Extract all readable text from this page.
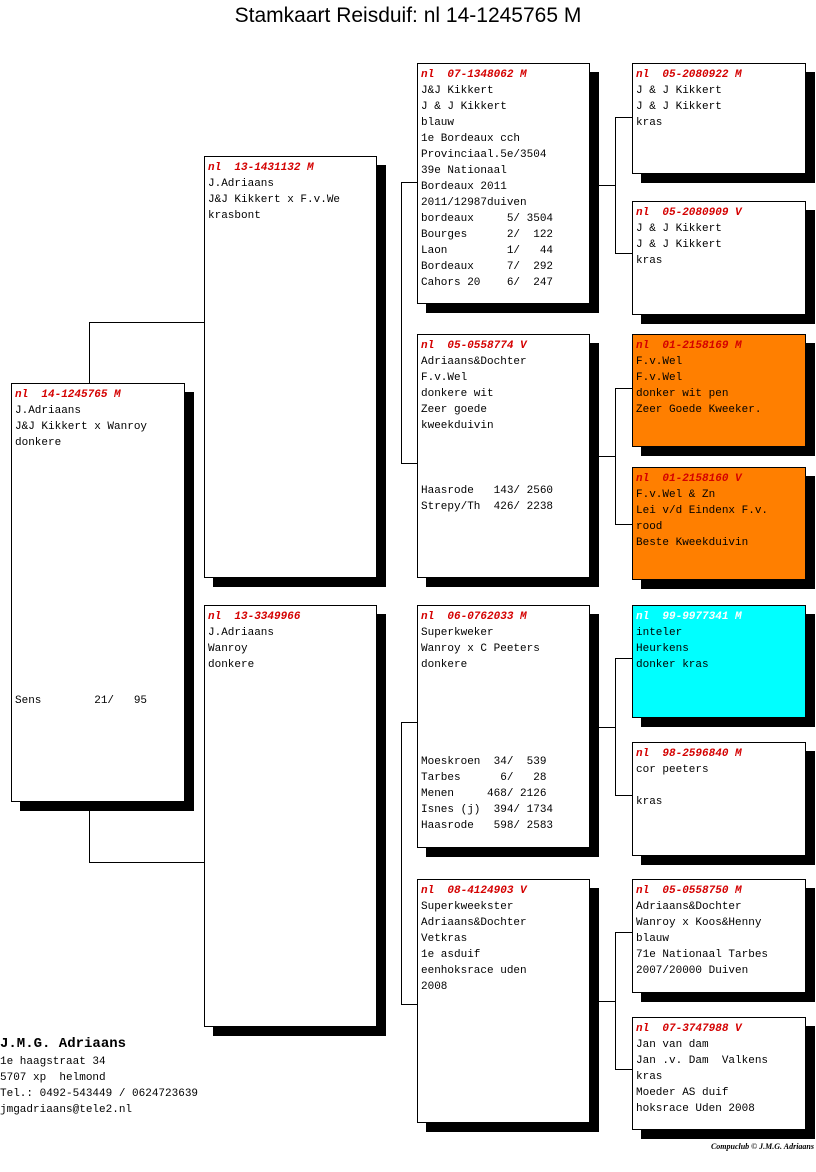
Stamkaart Reisduif: nl 14-1245765 M
nl  14-1245765 M
J.Adriaans
J&J Kikkert x Wanroy
donkere
Sens        21/   95
nl  13-1431132 M
J.Adriaans
J&J Kikkert x F.v.We
krasbont
nl  13-3349966
J.Adriaans
Wanroy
donkere
nl  07-1348062 M
J&J Kikkert
J & J Kikkert
blauw
1e Bordeaux cch
Provinciaal.5e/3504
39e Nationaal
Bordeaux 2011
2011/12987duiven
bordeaux     5/ 3504
Bourges      2/  122
Laon         1/   44
Bordeaux     7/  292
Cahors 20    6/  247
nl  05-0558774 V
Adriaans&Dochter
F.v.Wel
donkere wit
Zeer goede
kweekduivin
Haasrode   143/ 2560
Strepy/Th  426/ 2238
nl  06-0762033 M
Superkweker
Wanroy x C Peeters
donkere
Moeskroen  34/  539
Tarbes      6/   28
Menen     468/ 2126
Isnes (j)  394/ 1734
Haasrode   598/ 2583
nl  08-4124903 V
Superkweekster
Adriaans&Dochter
Vetkras
1e asduif
eenhoksrace uden
2008
nl  05-2080922 M
J & J Kikkert
J & J Kikkert
kras
nl  05-2080909 V
J & J Kikkert
J & J Kikkert
kras
nl  01-2158169 M
F.v.Wel
F.v.Wel
donker wit pen
Zeer Goede Kweeker.
nl  01-2158160 V
F.v.Wel & Zn
Lei v/d Eindenx F.v.
rood
Beste Kweekduivin
nl  99-9977341 M
inteler
Heurkens
donker kras
nl  98-2596840 M
cor peeters
kras
nl  05-0558750 M
Adriaans&Dochter
Wanroy x Koos&Henny
blauw
71e Nationaal Tarbes
2007/20000 Duiven
nl  07-3747988 V
Jan van dam
Jan .v. Dam  Valkens
kras
Moeder AS duif
hoksrace Uden 2008
J.M.G. Adriaans
1e haagstraat 34
5707 xp  helmond
Tel.: 0492-543449 / 0624723639
jmgadriaans@tele2.nl
Compuclub © J.M.G. Adriaans
